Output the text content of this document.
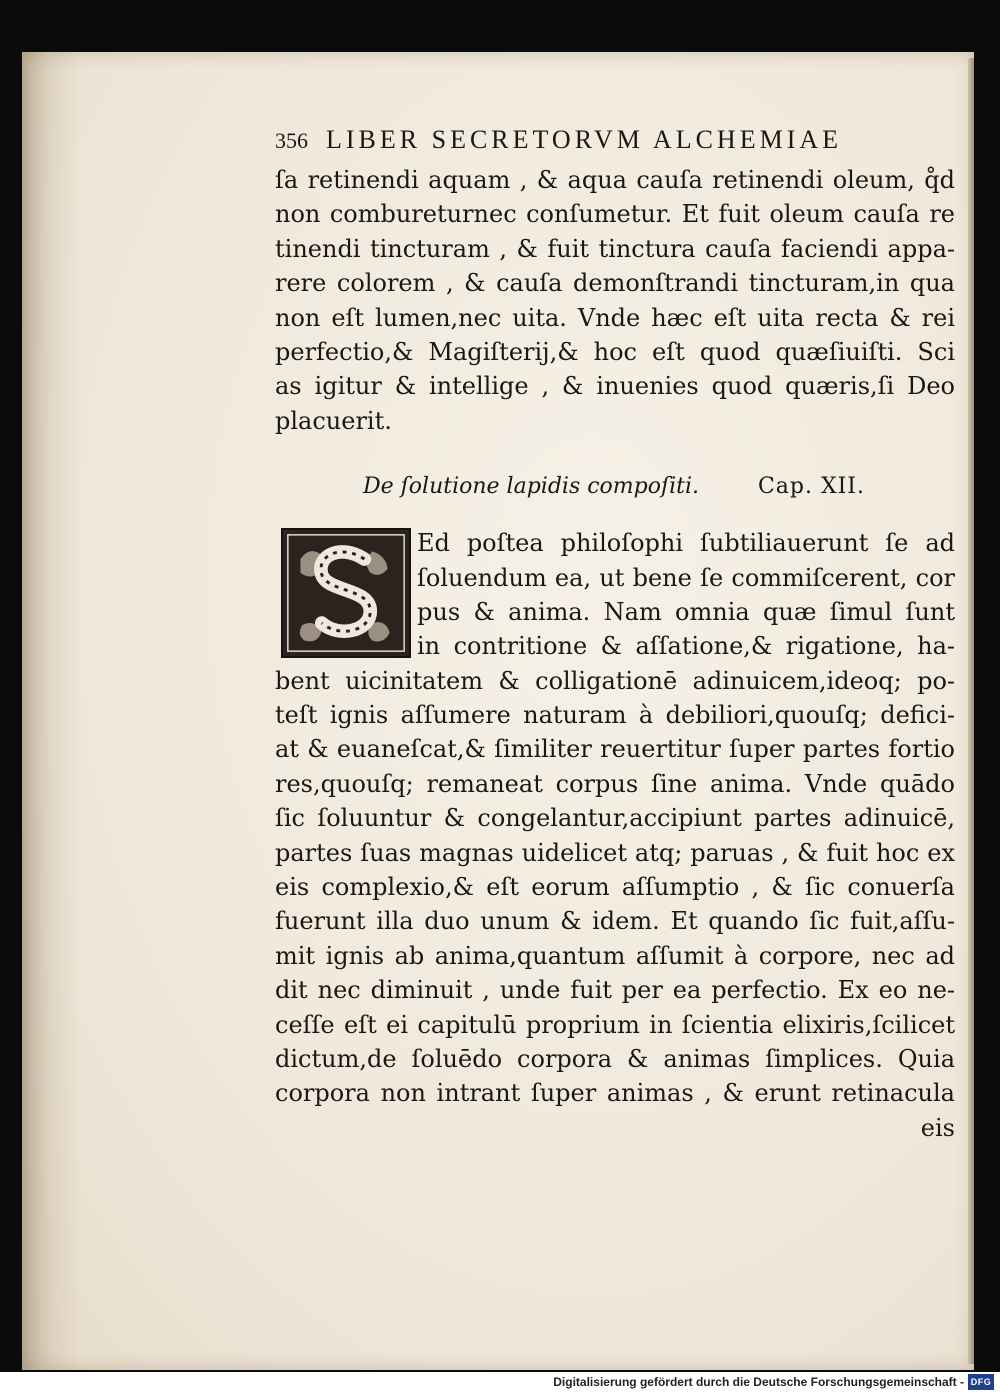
356 LIBER SECRETORVM ALCHEMIAE
ſa retinendi aquam , & aqua cauſa retinendi oleum, q̊d
non combureturnec conſumetur. Et fuit oleum cauſa re
tinendi tincturam , & fuit tinctura cauſa faciendi appa-
rere colorem , & cauſa demonſtrandi tincturam,in qua
non eſt lumen,nec uita. Vnde hæc eſt uita recta & rei
perfectio,& Magiſterij,& hoc eſt quod quæſiuiſti. Sci
as igitur & intellige , & inuenies quod quæris,ſi Deo
placuerit.
De ſolutione lapidis compoſiti.	Cap. XII.
Ed poſtea philoſophi ſubtiliauerunt ſe ad
ſoluendum ea, ut bene ſe commiſcerent, cor
pus & anima. Nam omnia quæ ſimul ſunt
in contritione & aſſatione,& rigatione, ha-
bent uicinitatem & colligationē adinuicem,ideoq; po-
teſt ignis aſſumere naturam à debiliori,quouſq; defici-
at & euaneſcat,& ſimiliter reuertitur ſuper partes fortio
res,quouſq; remaneat corpus ſine anima. Vnde quādo
ſic ſoluuntur & congelantur,accipiunt partes adinuicē,
partes ſuas magnas uidelicet atq; paruas , & fuit hoc ex
eis complexio,& eſt eorum aſſumptio , & ſic conuerſa
fuerunt illa duo unum & idem. Et quando ſic fuit,aſſu-
mit ignis ab anima,quantum aſſumit à corpore, nec ad
dit nec diminuit , unde fuit per ea perfectio. Ex eo ne-
ceſſe eſt ei capitulū proprium in ſcientia elixiris,ſcilicet
dictum,de ſoluēdo corpora & animas ſimplices. Quia
corpora non intrant ſuper animas , & erunt retinacula
eis
Digitalisierung gefördert durch die Deutsche Forschungsgemeinschaft - DFG
